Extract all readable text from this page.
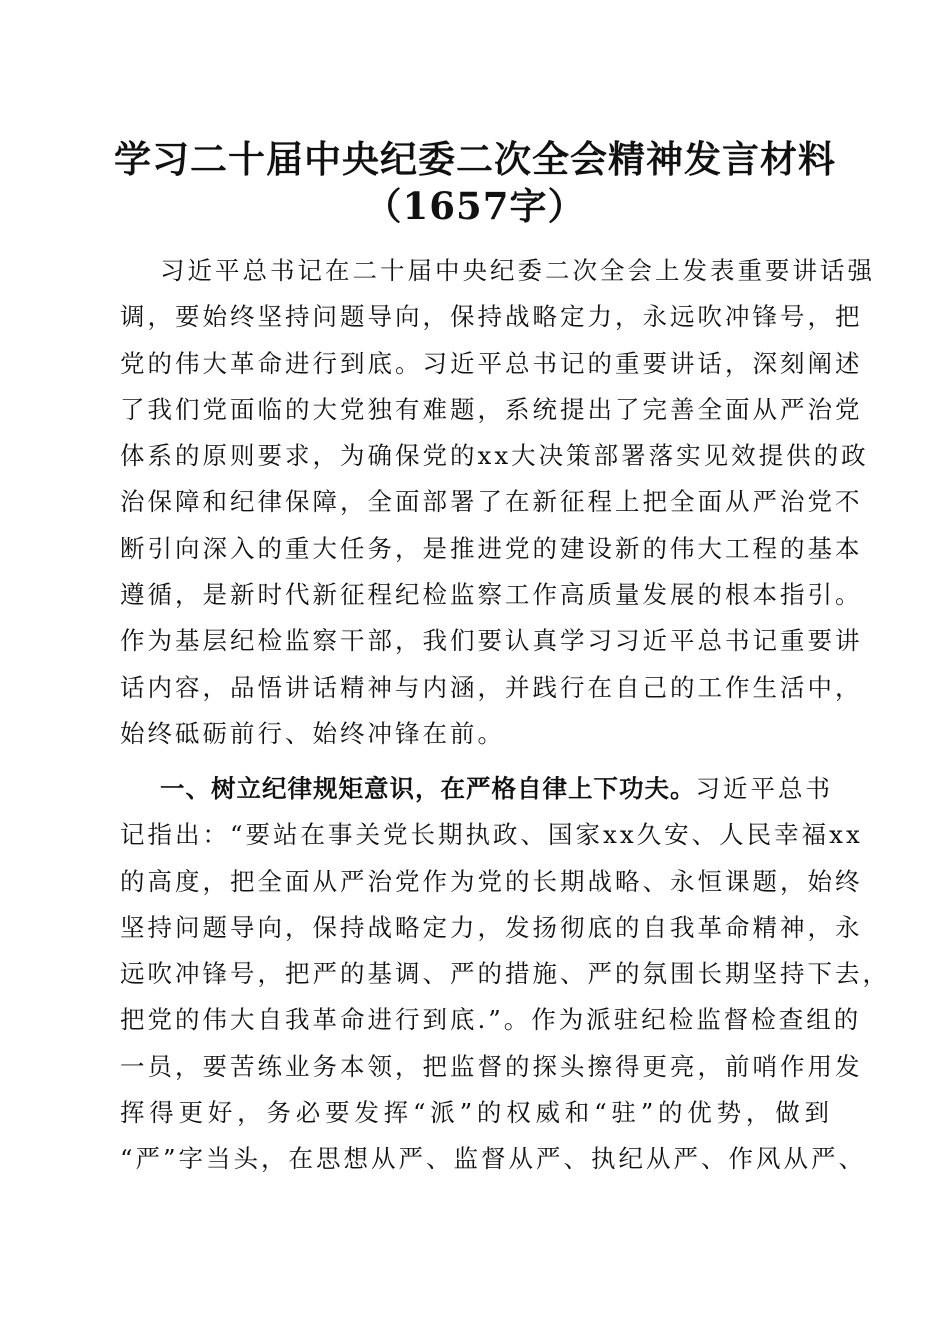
学习二十届中央纪委二次全会精神发言材料
（1657字）
习近平总书记在二十届中央纪委二次全会上发表重要讲话强
调，要始终坚持问题导向，保持战略定力，永远吹冲锋号，把
党的伟大革命进行到底。习近平总书记的重要讲话，深刻阐述
了我们党面临的大党独有难题，系统提出了完善全面从严治党
体系的原则要求，为确保党的xx大决策部署落实见效提供的政
治保障和纪律保障，全面部署了在新征程上把全面从严治党不
断引向深入的重大任务，是推进党的建设新的伟大工程的基本
遵循，是新时代新征程纪检监察工作高质量发展的根本指引。
作为基层纪检监察干部，我们要认真学习习近平总书记重要讲
话内容，品悟讲话精神与内涵，并践行在自己的工作生活中，
始终砥砺前行、始终冲锋在前。
一、树立纪律规矩意识，在严格自律上下功夫。习近平总书
记指出：“要站在事关党长期执政、国家xx久安、人民幸福xx
的高度，把全面从严治党作为党的长期战略、永恒课题，始终
坚持问题导向，保持战略定力，发扬彻底的自我革命精神，永
远吹冲锋号，把严的基调、严的措施、严的氛围长期坚持下去，
把党的伟大自我革命进行到底.”。作为派驻纪检监督检查组的
一员，要苦练业务本领，把监督的探头擦得更亮，前哨作用发
挥得更好，务必要发挥“派”的权威和“驻”的优势，做到
“严”字当头，在思想从严、监督从严、执纪从严、作风从严、
